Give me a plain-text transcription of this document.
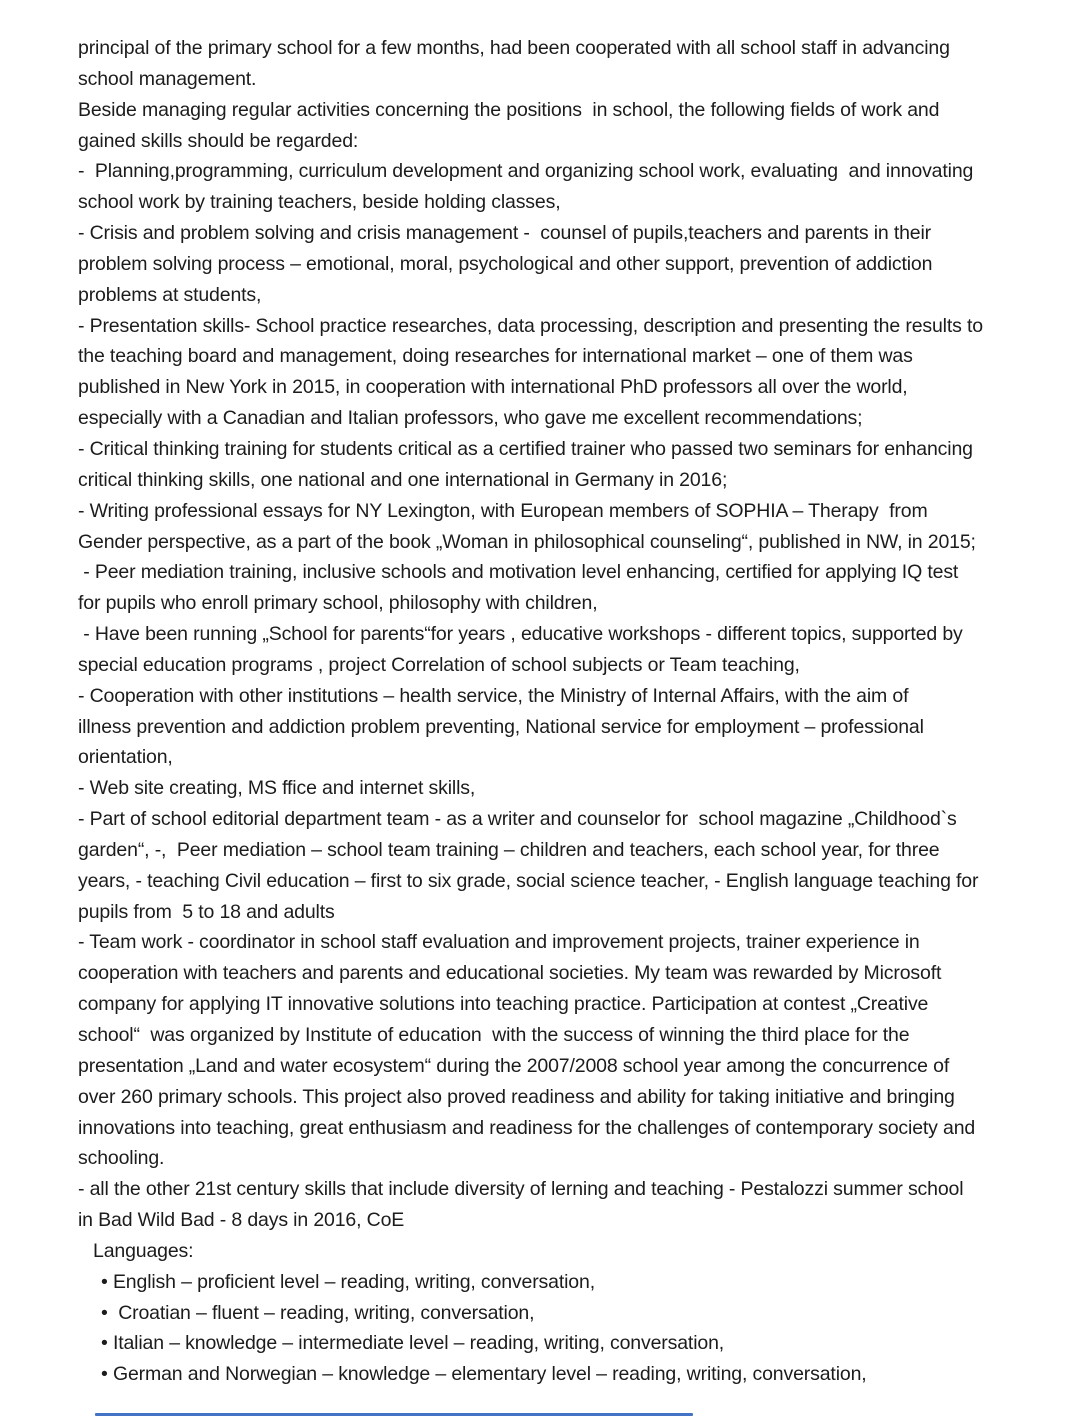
principal of the primary school for a few months, had been cooperated with all school staff in advancing
school management.
Beside managing regular activities concerning the positions  in school, the following fields of work and
gained skills should be regarded:
-  Planning,programming, curriculum development and organizing school work, evaluating  and innovating
school work by training teachers, beside holding classes,
- Crisis and problem solving and crisis management -  counsel of pupils,teachers and parents in their
problem solving process – emotional, moral, psychological and other support, prevention of addiction
problems at students,
- Presentation skills- School practice researches, data processing, description and presenting the results to
the teaching board and management, doing researches for international market – one of them was
published in New York in 2015, in cooperation with international PhD professors all over the world,
especially with a Canadian and Italian professors, who gave me excellent recommendations;
- Critical thinking training for students critical as a certified trainer who passed two seminars for enhancing
critical thinking skills, one national and one international in Germany in 2016;
- Writing professional essays for NY Lexington, with European members of SOPHIA – Therapy  from
Gender perspective, as a part of the book „Woman in philosophical counseling“, published in NW, in 2015;
- Peer mediation training, inclusive schools and motivation level enhancing, certified for applying IQ test
for pupils who enroll primary school, philosophy with children,
- Have been running „School for parents“for years , educative workshops - different topics, supported by
special education programs , project Correlation of school subjects or Team teaching,
- Cooperation with other institutions – health service, the Ministry of Internal Affairs, with the aim of
illness prevention and addiction problem preventing, National service for employment – professional
orientation,
- Web site creating, MS ffice and internet skills,
- Part of school editorial department team - as a writer and counselor for  school magazine „Childhood`s
garden“, -,  Peer mediation – school team training – children and teachers, each school year, for three
years, - teaching Civil education – first to six grade, social science teacher, - English language teaching for
pupils from  5 to 18 and adults
- Team work - coordinator in school staff evaluation and improvement projects, trainer experience in
cooperation with teachers and parents and educational societies. My team was rewarded by Microsoft
company for applying IT innovative solutions into teaching practice. Participation at contest „Creative
school“  was organized by Institute of education  with the success of winning the third place for the
presentation „Land and water ecosystem“ during the 2007/2008 school year among the concurrence of
over 260 primary schools. This project also proved readiness and ability for taking initiative and bringing
innovations into teaching, great enthusiasm and readiness for the challenges of contemporary society and
schooling.
- all the other 21st century skills that include diversity of lerning and teaching - Pestalozzi summer school
in Bad Wild Bad - 8 days in 2016, CoE
Languages:
• English – proficient level – reading, writing, conversation,
•  Croatian – fluent – reading, writing, conversation,
• Italian – knowledge – intermediate level – reading, writing, conversation,
• German and Norwegian – knowledge – elementary level – reading, writing, conversation,
